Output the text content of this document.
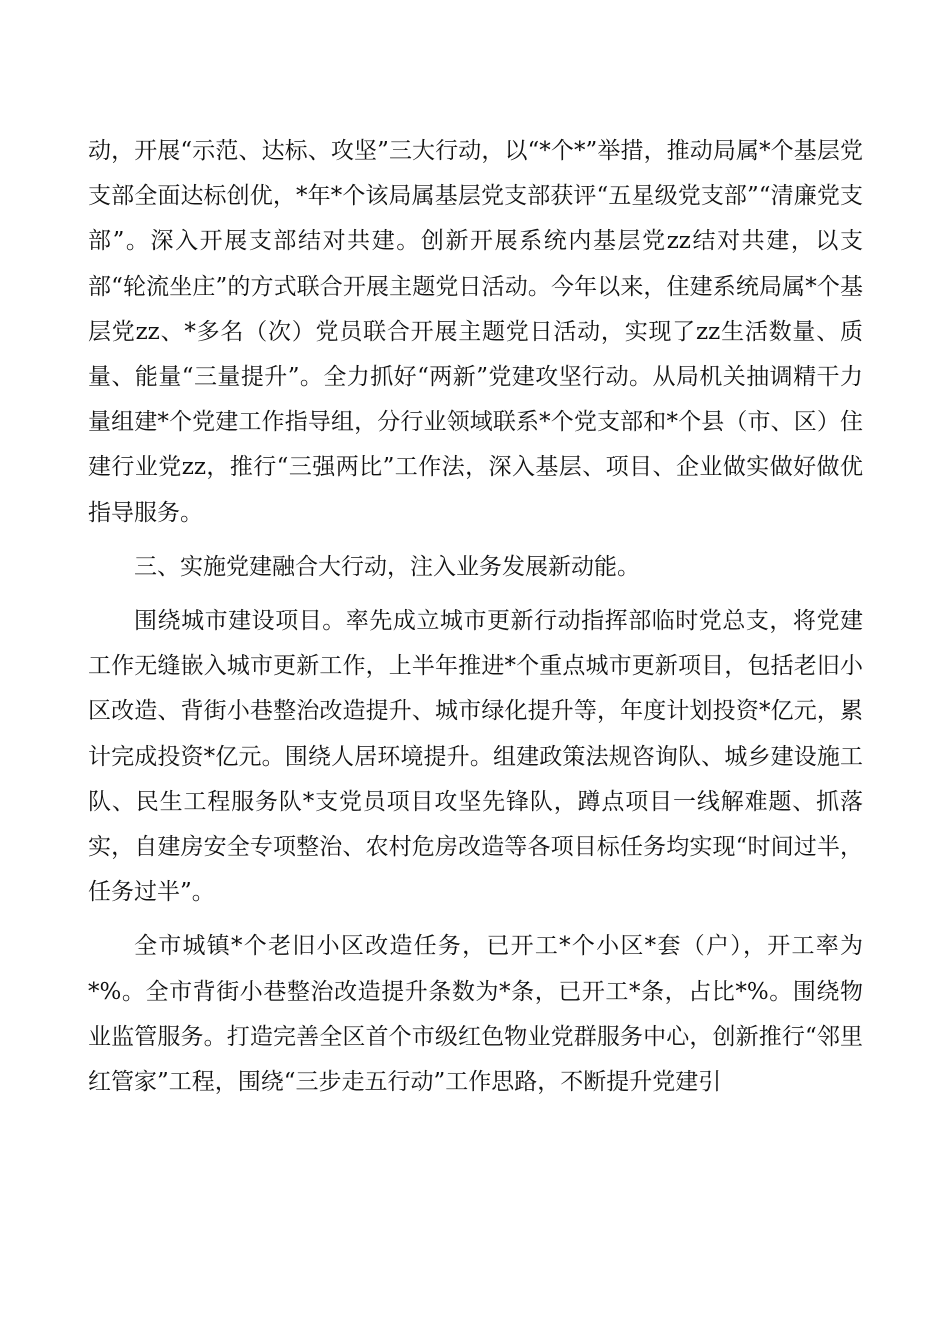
动，开展“示范、达标、攻坚”三大行动，以“*个*”举措，推动局属*个基层党支部全面达标创优，*年*个该局属基层党支部获评“五星级党支部”“清廉党支部”。深入开展支部结对共建。创新开展系统内基层党zz结对共建，以支部“轮流坐庄”的方式联合开展主题党日活动。今年以来，住建系统局属*个基层党zz、*多名（次）党员联合开展主题党日活动，实现了zz生活数量、质量、能量“三量提升”。全力抓好“两新”党建攻坚行动。从局机关抽调精干力量组建*个党建工作指导组，分行业领域联系*个党支部和*个县（市、区）住建行业党zz，推行“三强两比”工作法，深入基层、项目、企业做实做好做优指导服务。

三、实施党建融合大行动，注入业务发展新动能。

围绕城市建设项目。率先成立城市更新行动指挥部临时党总支，将党建工作无缝嵌入城市更新工作，上半年推进*个重点城市更新项目，包括老旧小区改造、背街小巷整治改造提升、城市绿化提升等，年度计划投资*亿元，累计完成投资*亿元。围绕人居环境提升。组建政策法规咨询队、城乡建设施工队、民生工程服务队*支党员项目攻坚先锋队，蹲点项目一线解难题、抓落实，自建房安全专项整治、农村危房改造等各项目标任务均实现“时间过半，任务过半”。

全市城镇*个老旧小区改造任务，已开工*个小区*套（户），开工率为*%。全市背街小巷整治改造提升条数为*条，已开工*条，占比*%。围绕物业监管服务。打造完善全区首个市级红色物业党群服务中心，创新推行“邻里红管家”工程，围绕“三步走五行动”工作思路，不断提升党建引
